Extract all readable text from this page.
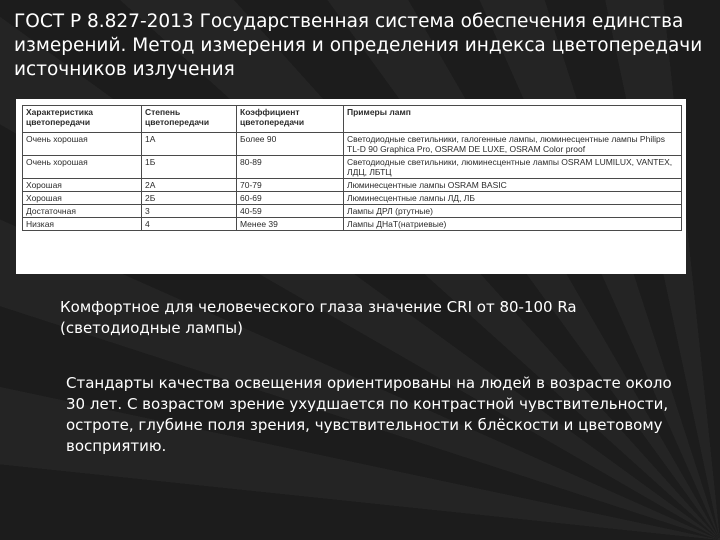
ГОСТ Р 8.827-2013 Государственная система обеспечения единства измерений. Метод измерения и определения индекса цветопередачи источников излучения
Характеристика цветопередачи	Степень цветопередачи	Коэффициент цветопередачи	Примеры ламп
Очень хорошая	1A	Более 90	Светодиодные светильники, галогенные лампы, люминесцентные лампы Philips TL-D 90 Graphica Pro, OSRAM DE LUXE, OSRAM Color proof
Очень хорошая	1Б	80-89	Светодиодные светильники, люминесцентные лампы OSRAM LUMILUX, VANTEX, ЛДЦ, ЛБТЦ
Хорошая	2A	70-79	Люминесцентные лампы OSRAM BASIC
Хорошая	2Б	60-69	Люминесцентные лампы ЛД, ЛБ
Достаточная	3	40-59	Лампы ДРЛ (ртутные)
Низкая	4	Менее 39	Лампы ДНаТ(натриевые)
Комфортное для человеческого глаза значение CRI от 80-100 Ra (светодиодные лампы)
Стандарты качества освещения ориентированы на людей в возрасте около 30 лет. С возрастом зрение ухудшается по контрастной чувствительности, остроте, глубине поля зрения, чувствительности к блёскости и цветовому восприятию.
